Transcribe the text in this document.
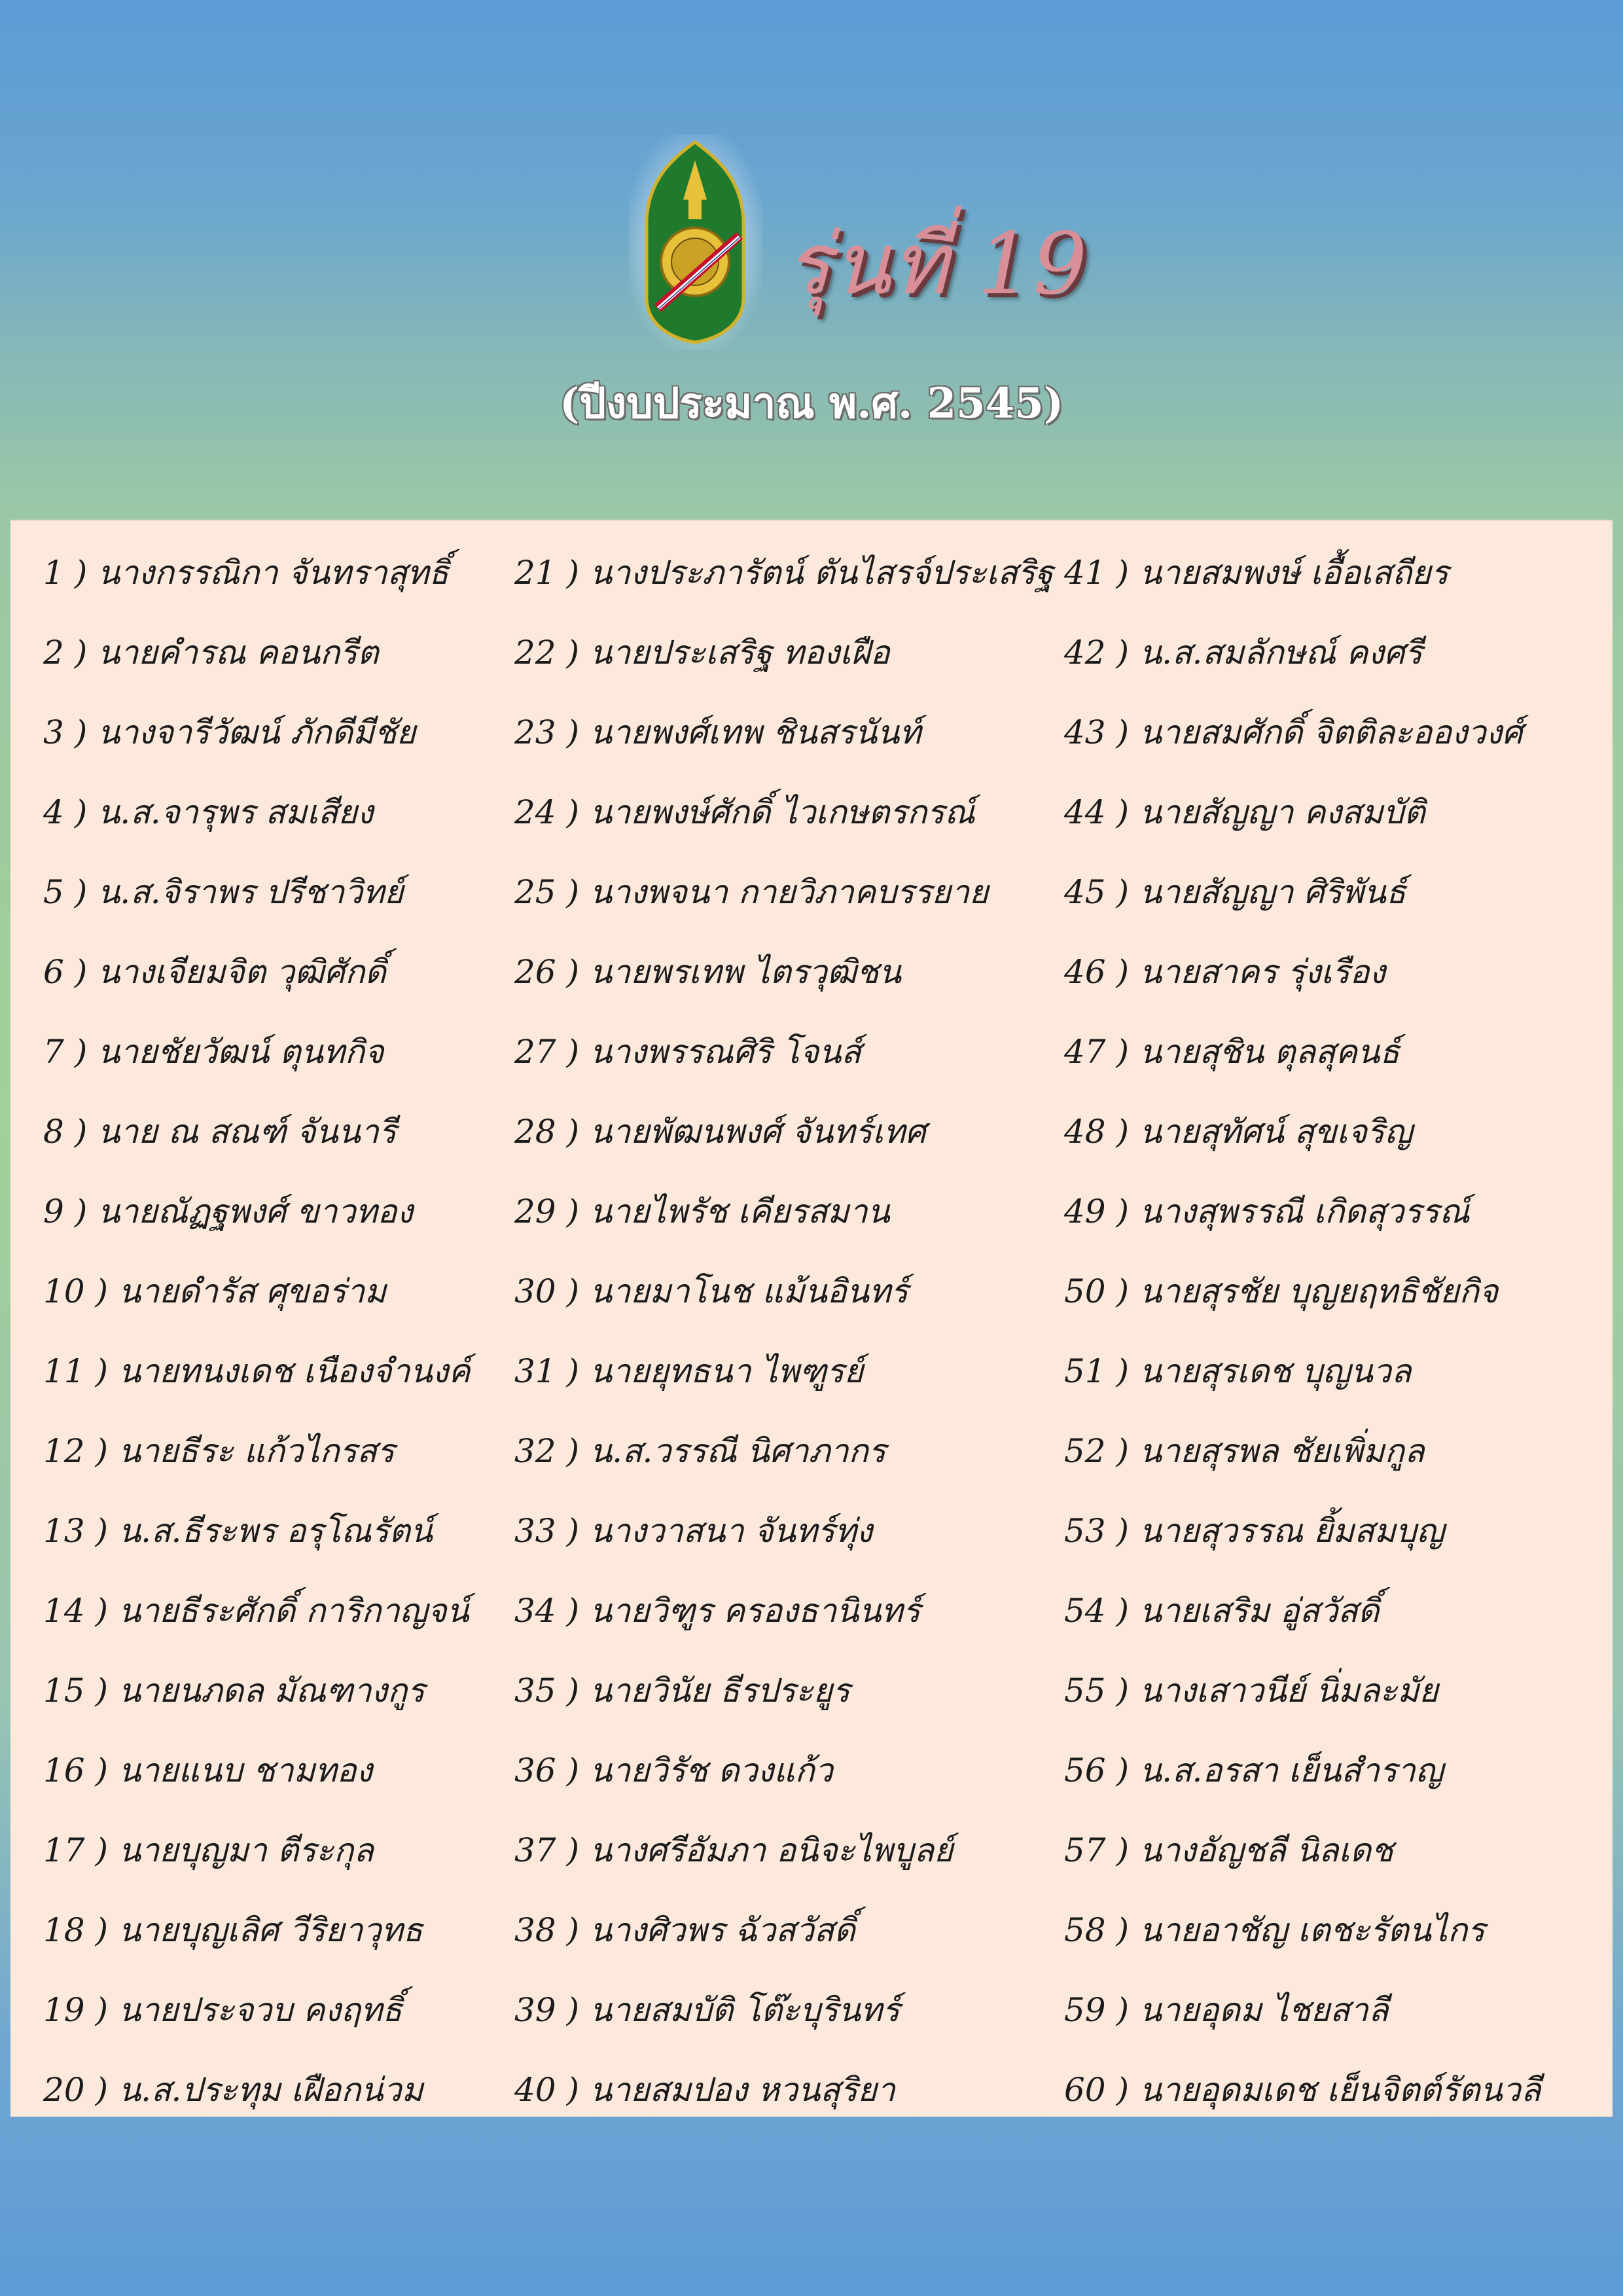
รุ่นที่ 19
(ปีงบประมาณ พ.ศ. 2545)
1 ) นางกรรณิกา จันทราสุทธิ์
2 ) นายคำรณ คอนกรีต
3 ) นางจารีวัฒน์ ภักดีมีชัย
4 ) น.ส.จารุพร สมเสียง
5 ) น.ส.จิราพร ปรีชาวิทย์
6 ) นางเจียมจิต วุฒิศักดิ์
7 ) นายชัยวัฒน์ ตุนทกิจ
8 ) นาย ณ สณฑ์ จันนารี
9 ) นายณัฏฐพงศ์ ขาวทอง
10 ) นายดำรัส ศุขอร่าม
11 ) นายทนงเดช เนืองจำนงค์
12 ) นายธีระ แก้วไกรสร
13 ) น.ส.ธีระพร อรุโณรัตน์
14 ) นายธีระศักดิ์ การิกาญจน์
15 ) นายนภดล มัณฑางกูร
16 ) นายแนบ ชามทอง
17 ) นายบุญมา ตีระกุล
18 ) นายบุญเลิศ วีริยาวุทธ
19 ) นายประจวบ คงฤทธิ์
20 ) น.ส.ประทุม เฝือกน่วม
21 ) นางประภารัตน์ ตันไสรจ์ประเสริฐ
22 ) นายประเสริฐ ทองเฝือ
23 ) นายพงศ์เทพ ชินสรนันท์
24 ) นายพงษ์ศักดิ์ ไวเกษตรกรณ์
25 ) นางพจนา กายวิภาคบรรยาย
26 ) นายพรเทพ ไตรวุฒิชน
27 ) นางพรรณศิริ โจนส์
28 ) นายพัฒนพงศ์ จันทร์เทศ
29 ) นายไพรัช เคียรสมาน
30 ) นายมาโนช แม้นอินทร์
31 ) นายยุทธนา ไพฑูรย์
32 ) น.ส.วรรณี นิศาภากร
33 ) นางวาสนา จันทร์ทุ่ง
34 ) นายวิฑูร ครองธานินทร์
35 ) นายวินัย ธีรประยูร
36 ) นายวิรัช ดวงแก้ว
37 ) นางศรีอัมภา อนิจะไพบูลย์
38 ) นางศิวพร ฉัวสวัสดิ์
39 ) นายสมบัติ โต๊ะบุรินทร์
40 ) นายสมปอง หวนสุริยา
41 ) นายสมพงษ์ เอื้อเสถียร
42 ) น.ส.สมลักษณ์ คงศรี
43 ) นายสมศักดิ์ จิตติละอองวงศ์
44 ) นายสัญญา คงสมบัติ
45 ) นายสัญญา ศิริพันธ์
46 ) นายสาคร รุ่งเรือง
47 ) นายสุชิน ตุลสุคนธ์
48 ) นายสุทัศน์ สุขเจริญ
49 ) นางสุพรรณี เกิดสุวรรณ์
50 ) นายสุรชัย บุญยฤทธิชัยกิจ
51 ) นายสุรเดช บุญนวล
52 ) นายสุรพล ชัยเพิ่มกูล
53 ) นายสุวรรณ ยิ้มสมบุญ
54 ) นายเสริม อู่สวัสดิ์
55 ) นางเสาวนีย์ นิ่มละมัย
56 ) น.ส.อรสา เย็นสำราญ
57 ) นางอัญชลี นิลเดช
58 ) นายอาชัญ เตชะรัตนไกร
59 ) นายอุดม ไชยสาลี
60 ) นายอุดมเดช เย็นจิตต์รัตนวลี
